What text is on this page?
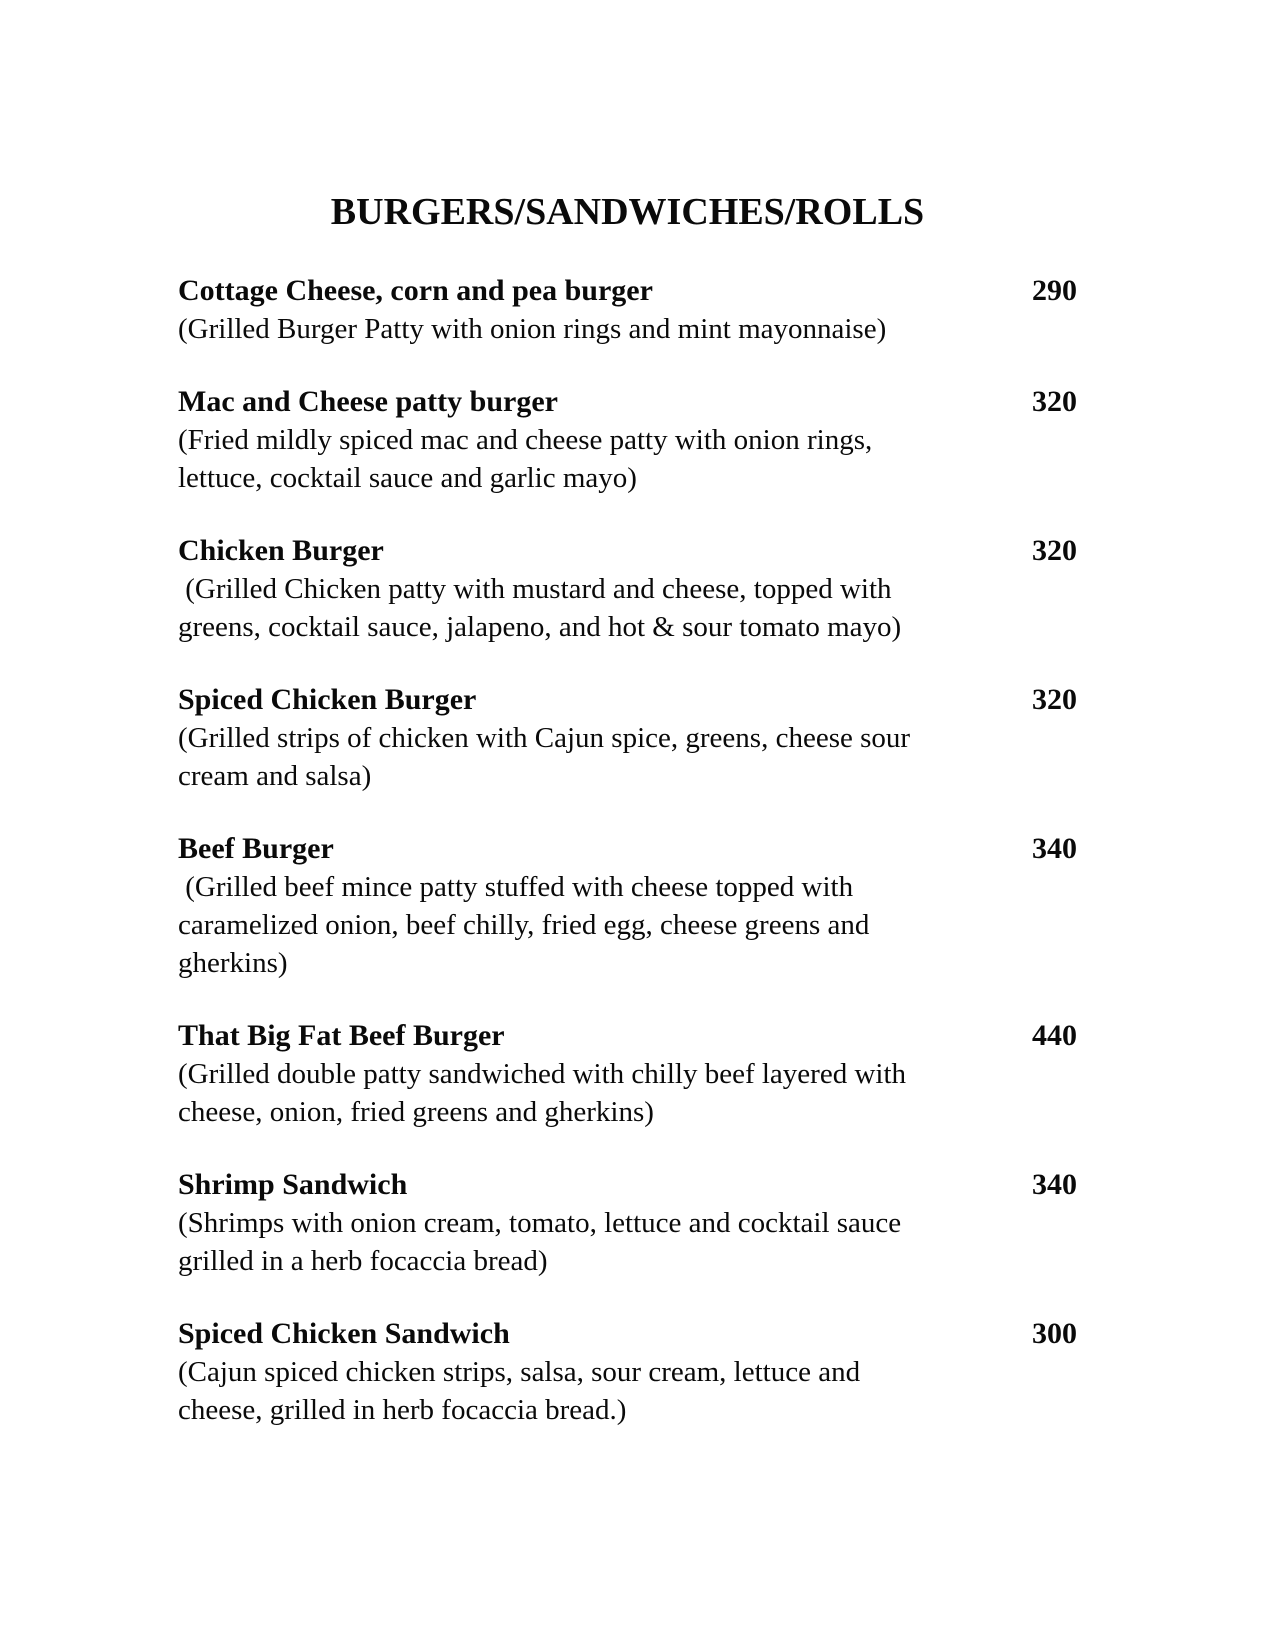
BURGERS/SANDWICHES/ROLLS
Cottage Cheese, corn and pea burger	290
(Grilled Burger Patty with onion rings and mint mayonnaise)
Mac and Cheese patty burger	320
(Fried mildly spiced mac and cheese patty with onion rings,
lettuce, cocktail sauce and garlic mayo)
Chicken Burger	320
(Grilled Chicken patty with mustard and cheese, topped with
greens, cocktail sauce, jalapeno, and hot & sour tomato mayo)
Spiced Chicken Burger	320
(Grilled strips of chicken with Cajun spice, greens, cheese sour
cream and salsa)
Beef Burger	340
(Grilled beef mince patty stuffed with cheese topped with
caramelized onion, beef chilly, fried egg, cheese greens and
gherkins)
That Big Fat Beef Burger	440
(Grilled double patty sandwiched with chilly beef layered with
cheese, onion, fried greens and gherkins)
Shrimp Sandwich	340
(Shrimps with onion cream, tomato, lettuce and cocktail sauce
grilled in a herb focaccia bread)
Spiced Chicken Sandwich	300
(Cajun spiced chicken strips, salsa, sour cream, lettuce and
cheese, grilled in herb focaccia bread.)
